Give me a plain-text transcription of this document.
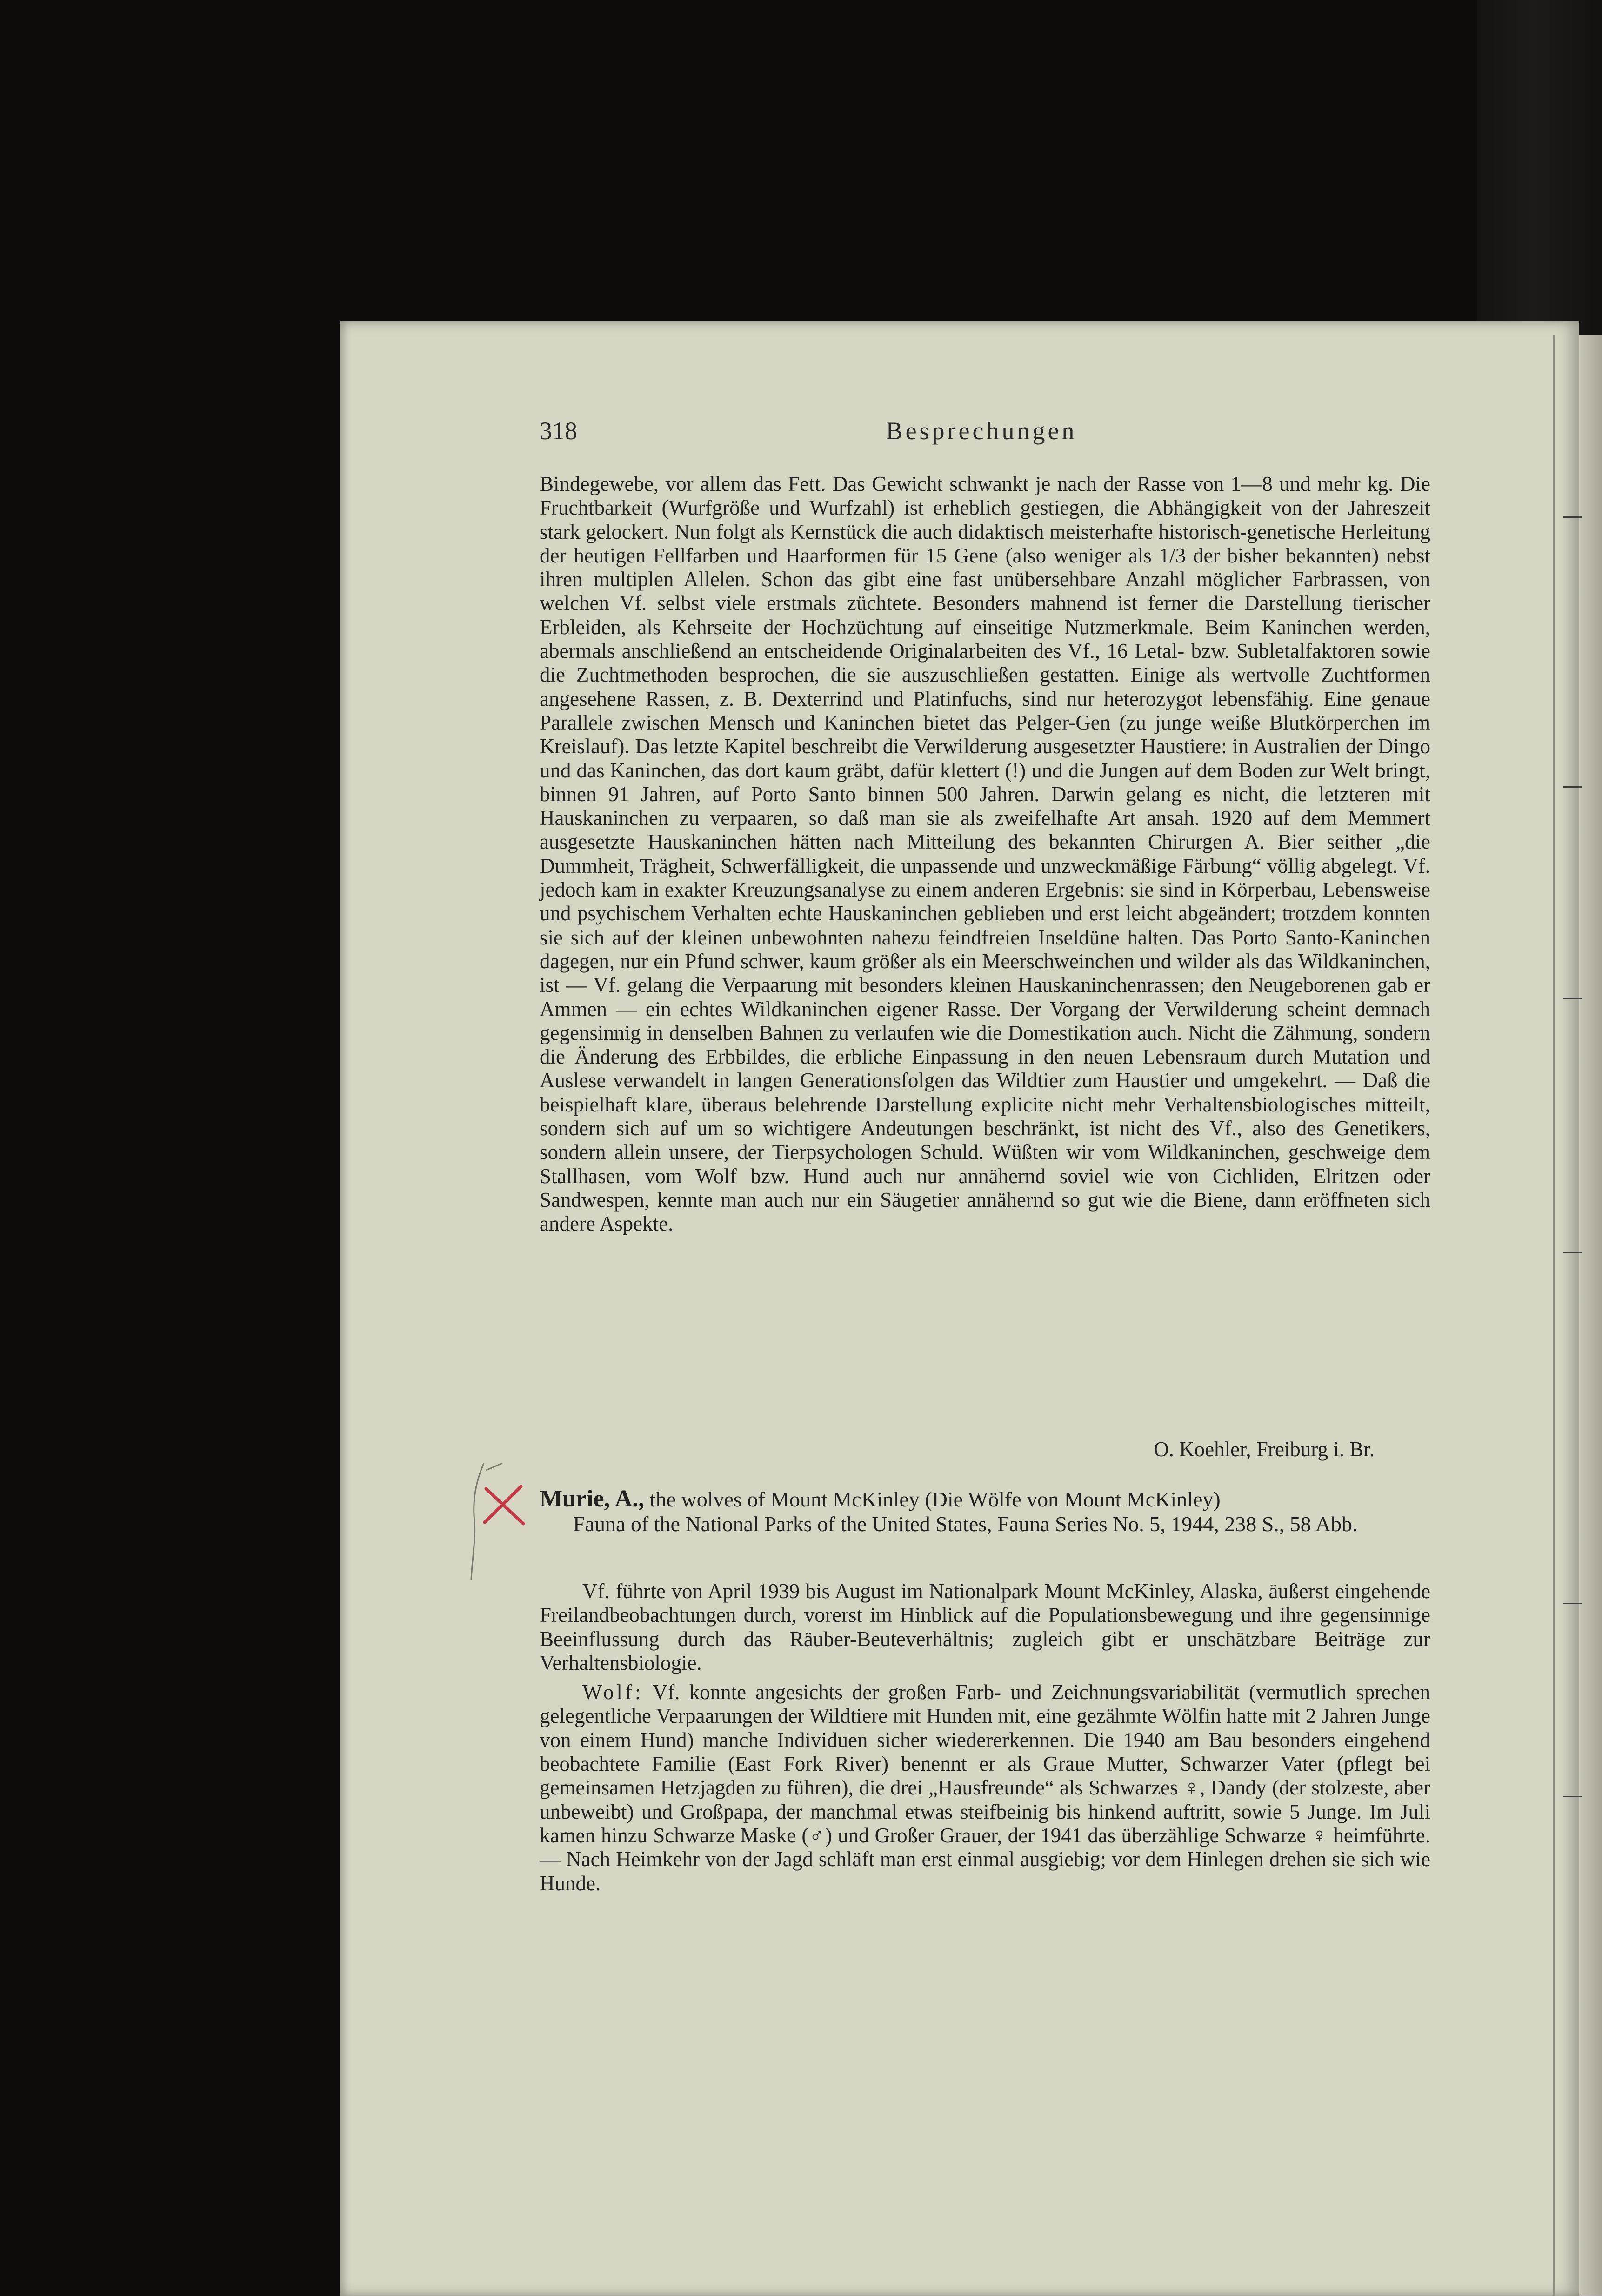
318	Besprechungen

Bindegewebe, vor allem das Fett. Das Gewicht schwankt je nach der Rasse von 1—8 und mehr kg. Die Fruchtbarkeit (Wurfgröße und Wurfzahl) ist erheblich gestiegen, die Abhängigkeit von der Jahreszeit stark gelockert. Nun folgt als Kernstück die auch didaktisch meisterhafte historisch-genetische Herleitung der heutigen Fellfarben und Haarformen für 15 Gene (also weniger als 1/3 der bisher bekannten) nebst ihren multiplen Allelen. Schon das gibt eine fast unübersehbare Anzahl möglicher Farbrassen, von welchen Vf. selbst viele erstmals züchtete. Besonders mahnend ist ferner die Darstellung tierischer Erbleiden, als Kehrseite der Hochzüchtung auf einseitige Nutzmerkmale. Beim Kaninchen werden, abermals anschließend an entscheidende Originalarbeiten des Vf., 16 Letal- bzw. Subletalfaktoren sowie die Zuchtmethoden besprochen, die sie auszuschließen gestatten. Einige als wertvolle Zuchtformen angesehene Rassen, z. B. Dexterrind und Platinfuchs, sind nur heterozygot lebensfähig. Eine genaue Parallele zwischen Mensch und Kaninchen bietet das Pelger-Gen (zu junge weiße Blutkörperchen im Kreislauf). Das letzte Kapitel beschreibt die Verwilderung ausgesetzter Haustiere: in Australien der Dingo und das Kaninchen, das dort kaum gräbt, dafür klettert (!) und die Jungen auf dem Boden zur Welt bringt, binnen 91 Jahren, auf Porto Santo binnen 500 Jahren. Darwin gelang es nicht, die letzteren mit Hauskaninchen zu verpaaren, so daß man sie als zweifelhafte Art ansah. 1920 auf dem Memmert ausgesetzte Hauskaninchen hätten nach Mitteilung des bekannten Chirurgen A. Bier seither „die Dummheit, Trägheit, Schwerfälligkeit, die unpassende und unzweckmäßige Färbung“ völlig abgelegt. Vf. jedoch kam in exakter Kreuzungsanalyse zu einem anderen Ergebnis: sie sind in Körperbau, Lebensweise und psychischem Verhalten echte Hauskaninchen geblieben und erst leicht abgeändert; trotzdem konnten sie sich auf der kleinen unbewohnten nahezu feindfreien Inseldüne halten. Das Porto Santo-Kaninchen dagegen, nur ein Pfund schwer, kaum größer als ein Meerschweinchen und wilder als das Wildkaninchen, ist — Vf. gelang die Verpaarung mit besonders kleinen Hauskaninchenrassen; den Neugeborenen gab er Ammen — ein echtes Wildkaninchen eigener Rasse. Der Vorgang der Verwilderung scheint demnach gegensinnig in denselben Bahnen zu verlaufen wie die Domestikation auch. Nicht die Zähmung, sondern die Änderung des Erbbildes, die erbliche Einpassung in den neuen Lebensraum durch Mutation und Auslese verwandelt in langen Generationsfolgen das Wildtier zum Haustier und umgekehrt. — Daß die beispielhaft klare, überaus belehrende Darstellung explicite nicht mehr Verhaltensbiologisches mitteilt, sondern sich auf um so wichtigere Andeutungen beschränkt, ist nicht des Vf., also des Genetikers, sondern allein unsere, der Tierpsychologen Schuld. Wüßten wir vom Wildkaninchen, geschweige dem Stallhasen, vom Wolf bzw. Hund auch nur annähernd soviel wie von Cichliden, Elritzen oder Sandwespen, kennte man auch nur ein Säugetier annähernd so gut wie die Biene, dann eröffneten sich andere Aspekte.

O. Koehler, Freiburg i. Br.
Murie, A., the wolves of Mount McKinley (Die Wölfe von Mount McKinley)
Fauna of the National Parks of the United States, Fauna Series No. 5, 1944, 238 S., 58 Abb.

Vf. führte von April 1939 bis August im Nationalpark Mount McKinley, Alaska, äußerst eingehende Freilandbeobachtungen durch, vorerst im Hinblick auf die Populationsbewegung und ihre gegensinnige Beeinflussung durch das Räuber-Beuteverhältnis; zugleich gibt er unschätzbare Beiträge zur Verhaltensbiologie.

Wolf: Vf. konnte angesichts der großen Farb- und Zeichnungsvariabilität (vermutlich sprechen gelegentliche Verpaarungen der Wildtiere mit Hunden mit, eine gezähmte Wölfin hatte mit 2 Jahren Junge von einem Hund) manche Individuen sicher wiedererkennen. Die 1940 am Bau besonders eingehend beobachtete Familie (East Fork River) benennt er als Graue Mutter, Schwarzer Vater (pflegt bei gemeinsamen Hetzjagden zu führen), die drei „Hausfreunde“ als Schwarzes ♀, Dandy (der stolzeste, aber unbeweibt) und Großpapa, der manchmal etwas steifbeinig bis hinkend auftritt, sowie 5 Junge. Im Juli kamen hinzu Schwarze Maske (♂) und Großer Grauer, der 1941 das überzählige Schwarze ♀ heimführte. — Nach Heimkehr von der Jagd schläft man erst einmal ausgiebig; vor dem Hinlegen drehen sie sich wie Hunde.
